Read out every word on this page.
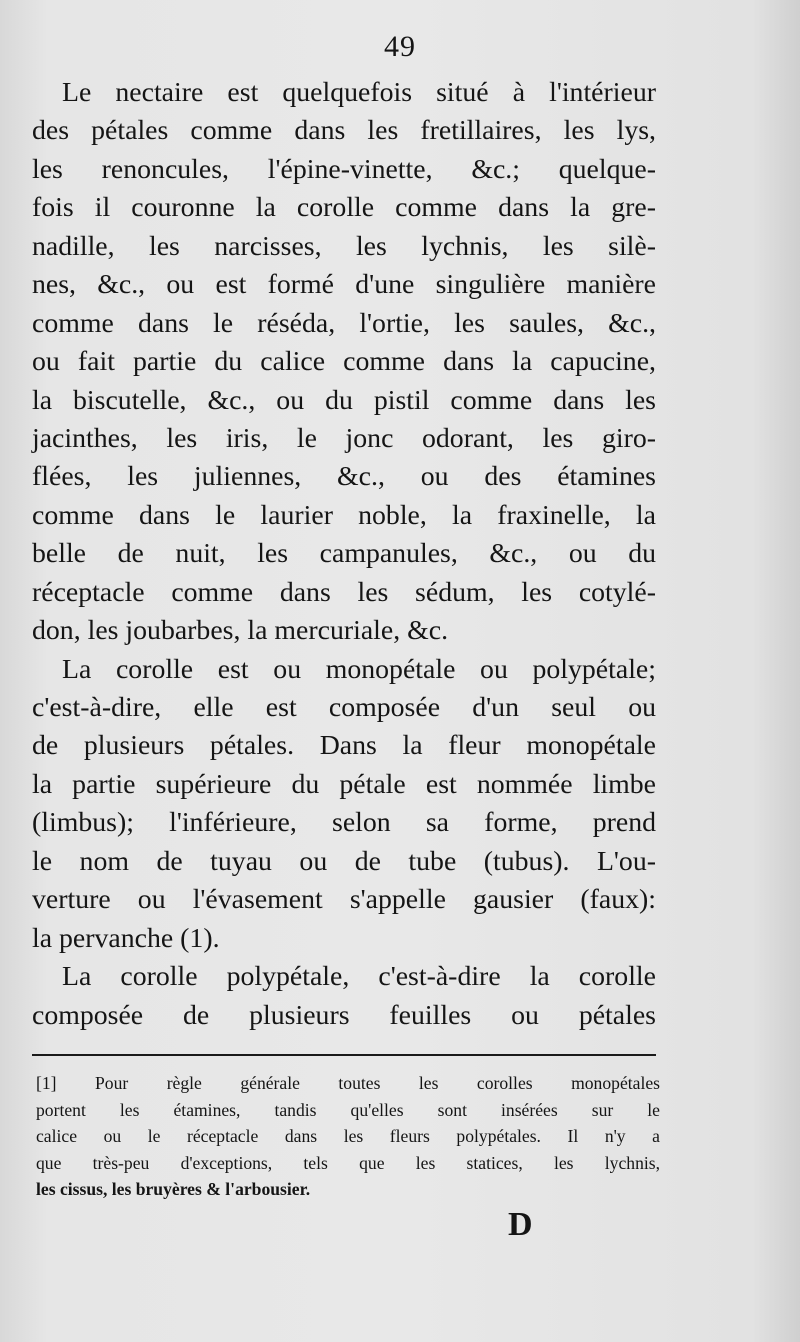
49
Le nectaire est quelquefois situé à l'intérieur
des pétales comme dans les fretillaires, les lys,
les renoncules, l'épine-vinette, &c.; quelque-
fois il couronne la corolle comme dans la gre-
nadille, les narcisses, les lychnis, les silè-
nes, &c., ou est formé d'une singulière manière
comme dans le réséda, l'ortie, les saules, &c.,
ou fait partie du calice comme dans la capucine,
la biscutelle, &c., ou du pistil comme dans les
jacinthes, les iris, le jonc odorant, les giro-
flées, les juliennes, &c., ou des étamines
comme dans le laurier noble, la fraxinelle, la
belle de nuit, les campanules, &c., ou du
réceptacle comme dans les sédum, les cotylé-
don, les joubarbes, la mercuriale, &c.
La corolle est ou monopétale ou polypétale;
c'est-à-dire, elle est composée d'un seul ou
de plusieurs pétales. Dans la fleur monopétale
la partie supérieure du pétale est nommée limbe
(limbus); l'inférieure, selon sa forme, prend
le nom de tuyau ou de tube (tubus). L'ou-
verture ou l'évasement s'appelle gausier (faux):
la pervanche (1).
La corolle polypétale, c'est-à-dire la corolle
composée de plusieurs feuilles ou pétales
[1] Pour règle générale toutes les corolles monopétales
portent les étamines, tandis qu'elles sont insérées sur le
calice ou le réceptacle dans les fleurs polypétales. Il n'y a
que très-peu d'exceptions, tels que les statices, les lychnis,
les cissus, les bruyères & l'arbousier.
D
